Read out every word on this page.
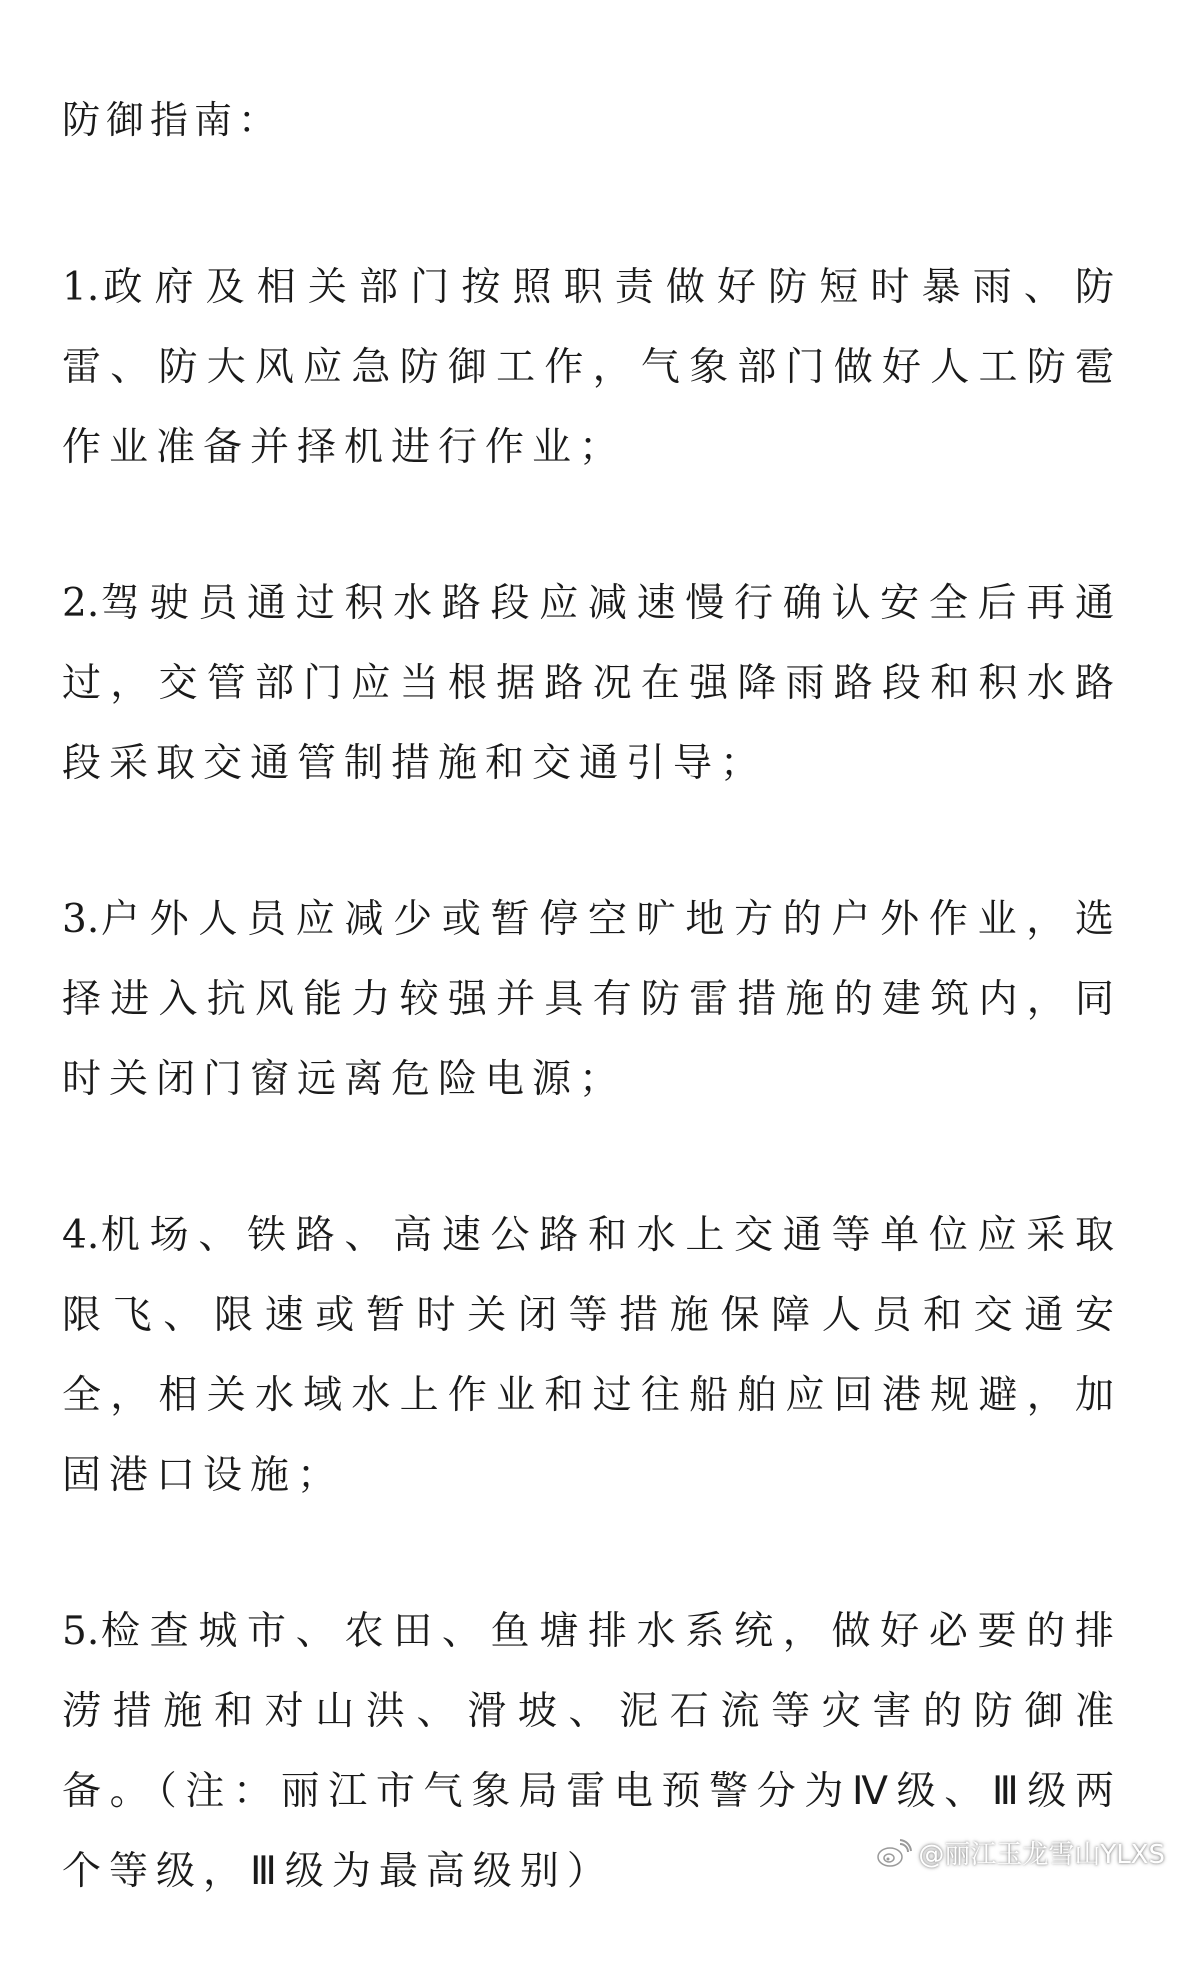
防御指南：

1.政府及相关部门按照职责做好防短时暴雨、防雷、防大风应急防御工作，气象部门做好人工防雹作业准备并择机进行作业；

2.驾驶员通过积水路段应减速慢行确认安全后再通过，交管部门应当根据路况在强降雨路段和积水路段采取交通管制措施和交通引导；

3.户外人员应减少或暂停空旷地方的户外作业，选择进入抗风能力较强并具有防雷措施的建筑内，同时关闭门窗远离危险电源；

4.机场、铁路、高速公路和水上交通等单位应采取限飞、限速或暂时关闭等措施保障人员和交通安全，相关水域水上作业和过往船舶应回港规避，加固港口设施；

5.检查城市、农田、鱼塘排水系统，做好必要的排涝措施和对山洪、滑坡、泥石流等灾害的防御准备。（注：丽江市气象局雷电预警分为Ⅳ级、Ⅲ级两个等级，Ⅲ级为最高级别）	@丽江玉龙雪山YLXS
